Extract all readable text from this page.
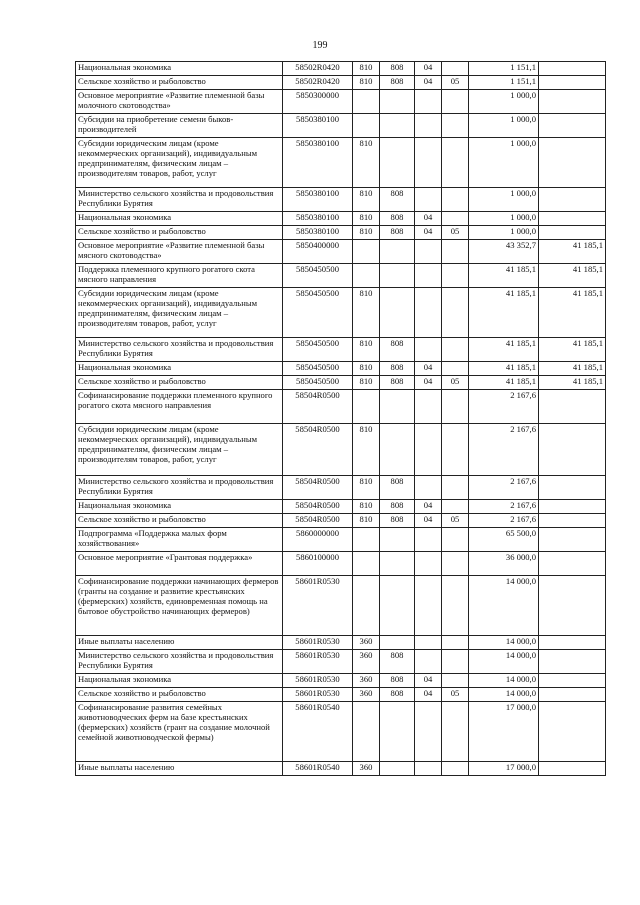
199
Национальная экономика	58502R0420	810	808	04		1 151,1	
Сельское хозяйство и рыболовство	58502R0420	810	808	04	05	1 151,1	
Основное мероприятие «Развитие племенной базы молочного скотоводства»	5850300000					1 000,0	
Субсидии на приобретение семени быков-производителей	5850380100					1 000,0	
Субсидии юридическим лицам (кроме некоммерческих организаций), индивидуальным предпринимателям, физическим лицам – производителям товаров, работ, услуг	5850380100	810				1 000,0	
Министерство сельского хозяйства и продовольствия Республики Бурятия	5850380100	810	808			1 000,0	
Национальная экономика	5850380100	810	808	04		1 000,0	
Сельское хозяйство и рыболовство	5850380100	810	808	04	05	1 000,0	
Основное мероприятие «Развитие племенной базы мясного скотоводства»	5850400000					43 352,7	41 185,1
Поддержка племенного крупного рогатого скота мясного направления	5850450500					41 185,1	41 185,1
Субсидии юридическим лицам (кроме некоммерческих организаций), индивидуальным предпринимателям, физическим лицам – производителям товаров, работ, услуг	5850450500	810				41 185,1	41 185,1
Министерство сельского хозяйства и продовольствия Республики Бурятия	5850450500	810	808			41 185,1	41 185,1
Национальная экономика	5850450500	810	808	04		41 185,1	41 185,1
Сельское хозяйство и рыболовство	5850450500	810	808	04	05	41 185,1	41 185,1
Софинансирование поддержки племенного крупного рогатого скота мясного направления	58504R0500					2 167,6	
Субсидии юридическим лицам (кроме некоммерческих организаций), индивидуальным предпринимателям, физическим лицам – производителям товаров, работ, услуг	58504R0500	810				2 167,6	
Министерство сельского хозяйства и продовольствия Республики Бурятия	58504R0500	810	808			2 167,6	
Национальная экономика	58504R0500	810	808	04		2 167,6	
Сельское хозяйство и рыболовство	58504R0500	810	808	04	05	2 167,6	
Подпрограмма «Поддержка малых форм хозяйствования»	5860000000					65 500,0	
Основное мероприятие «Грантовая поддержка»	5860100000					36 000,0	
Софинансирование поддержки начинающих фермеров (гранты на создание и развитие крестьянских (фермерских) хозяйств, единовременная помощь на бытовое обустройство начинающих фермеров)	58601R0530					14 000,0	
Иные выплаты населению	58601R0530	360				14 000,0	
Министерство сельского хозяйства и продовольствия Республики Бурятия	58601R0530	360	808			14 000,0	
Национальная экономика	58601R0530	360	808	04		14 000,0	
Сельское хозяйство и рыболовство	58601R0530	360	808	04	05	14 000,0	
Софинансирование развития семейных животноводческих ферм на базе крестьянских (фермерских) хозяйств (грант на создание молочной семейной животноводческой фермы)	58601R0540					17 000,0	
Иные выплаты населению	58601R0540	360				17 000,0	
